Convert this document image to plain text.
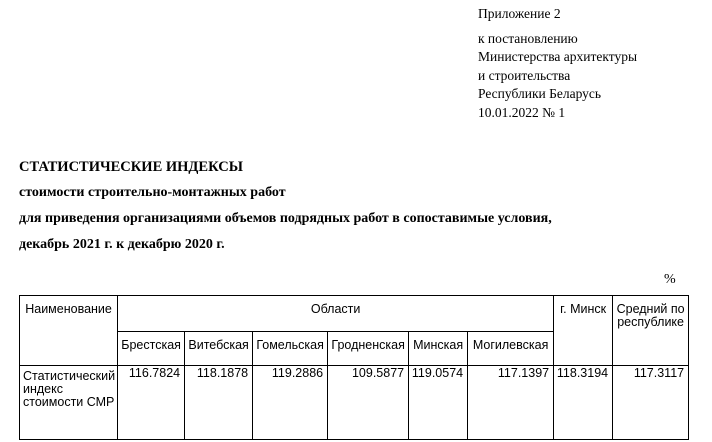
Приложение 2
к постановлению
Министерства архитектуры
и строительства
Республики Беларусь
10.01.2022 № 1
СТАТИСТИЧЕСКИЕ ИНДЕКСЫ
стоимости строительно-монтажных работ
для приведения организациями объемов подрядных работ в сопоставимые условия,
декабрь 2021 г. к декабрю 2020 г.
%
Наименование	Области						г. Минск	Средний по республике
	Брестская	Витебская	Гомельская	Гродненская	Минская	Могилевская		
Статистический индекс стоимости СМР	116.7824	118.1878	119.2886	109.5877	119.0574	117.1397	118.3194	117.3117
